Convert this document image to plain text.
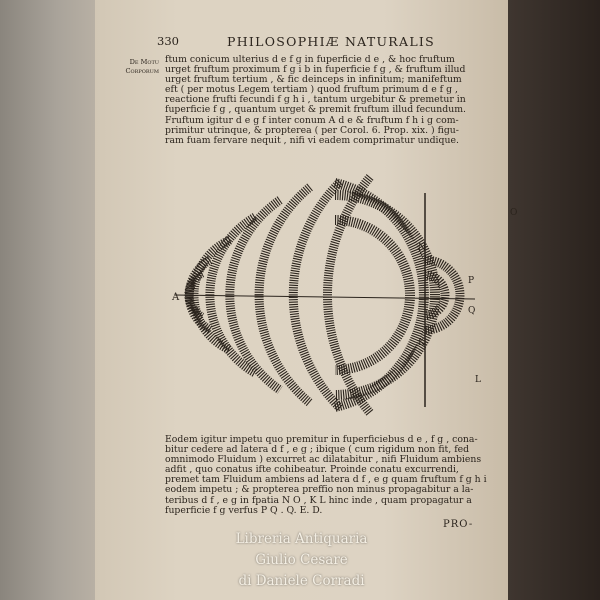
330	PHILOSOPHIÆ NATURALIS
De Motu
Corporum
ftum conicum ulterius d e f g in fuperficie d e , & hoc fruftum
urget fruftum proximum f g i b in fuperficie f g , & fruftum illud
urget fruftum tertium , & fic deinceps in infinitum; manifeftum
eft ( per motus Legem tertiam ) quod fruftum primum d e f g ,
reactione frufti fecundi f g h i , tantum urgebitur & premetur in
fuperficie f g , quantum urget & premit fruftum illud fecundum.
Fruftum igitur d e g f inter conum A d e & fruftum f h i g com-
primitur utrinque, & propterea ( per Corol. 6. Prop. xix. ) figu-
ram fuam fervare nequit , nifi vi eadem comprimatur undique.
A
N
O
P
Q
K
L
Eodem igitur impetu quo premitur in fuperficiebus d e , f g , cona-
bitur cedere ad latera d f , e g ; ibique ( cum rigidum non fit, fed
omnimodo Fluidum ) excurret ac dilatabitur , nifi Fluidum ambiens
adfit , quo conatus ifte cohibeatur. Proinde conatu excurrendi,
premet tam Fluidum ambiens ad latera d f , e g quam fruftum f g h i
eodem impetu ; & propterea preffio non minus propagabitur a la-
teribus d f , e g in fpatia N O , K L hinc inde , quam propagatur a
fuperficie f g verfus P Q . Q. E. D.
PRO-
Libreria Antiquaria
Giulio Cesare
di Daniele Corradi
